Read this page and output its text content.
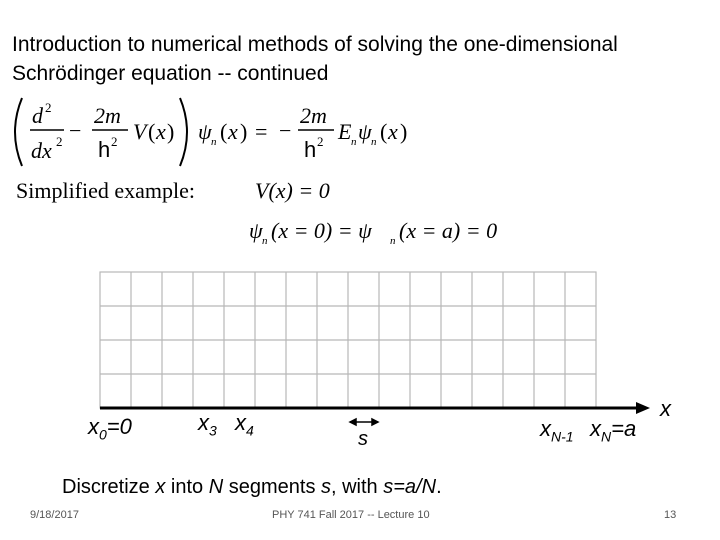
Introduction to numerical methods of solving the one-dimensional
Schrödinger equation -- continued
d 2
dx 2 −
2m
h 2 V ( x ) ψ n ( x ) = −
2m
h 2 E n ψ n ( x )
Simplified example:	V(x) = 0
ψ n (x = 0) = ψ n (x = a) = 0
$x_0=0$	$x_3$ $x_4$	s	$x_{N-1}$ $x_N=a$
x
Discretize x into N segments s, with s=a/N.
9/18/2017	PHY 741 Fall 2017 -- Lecture 10	13
